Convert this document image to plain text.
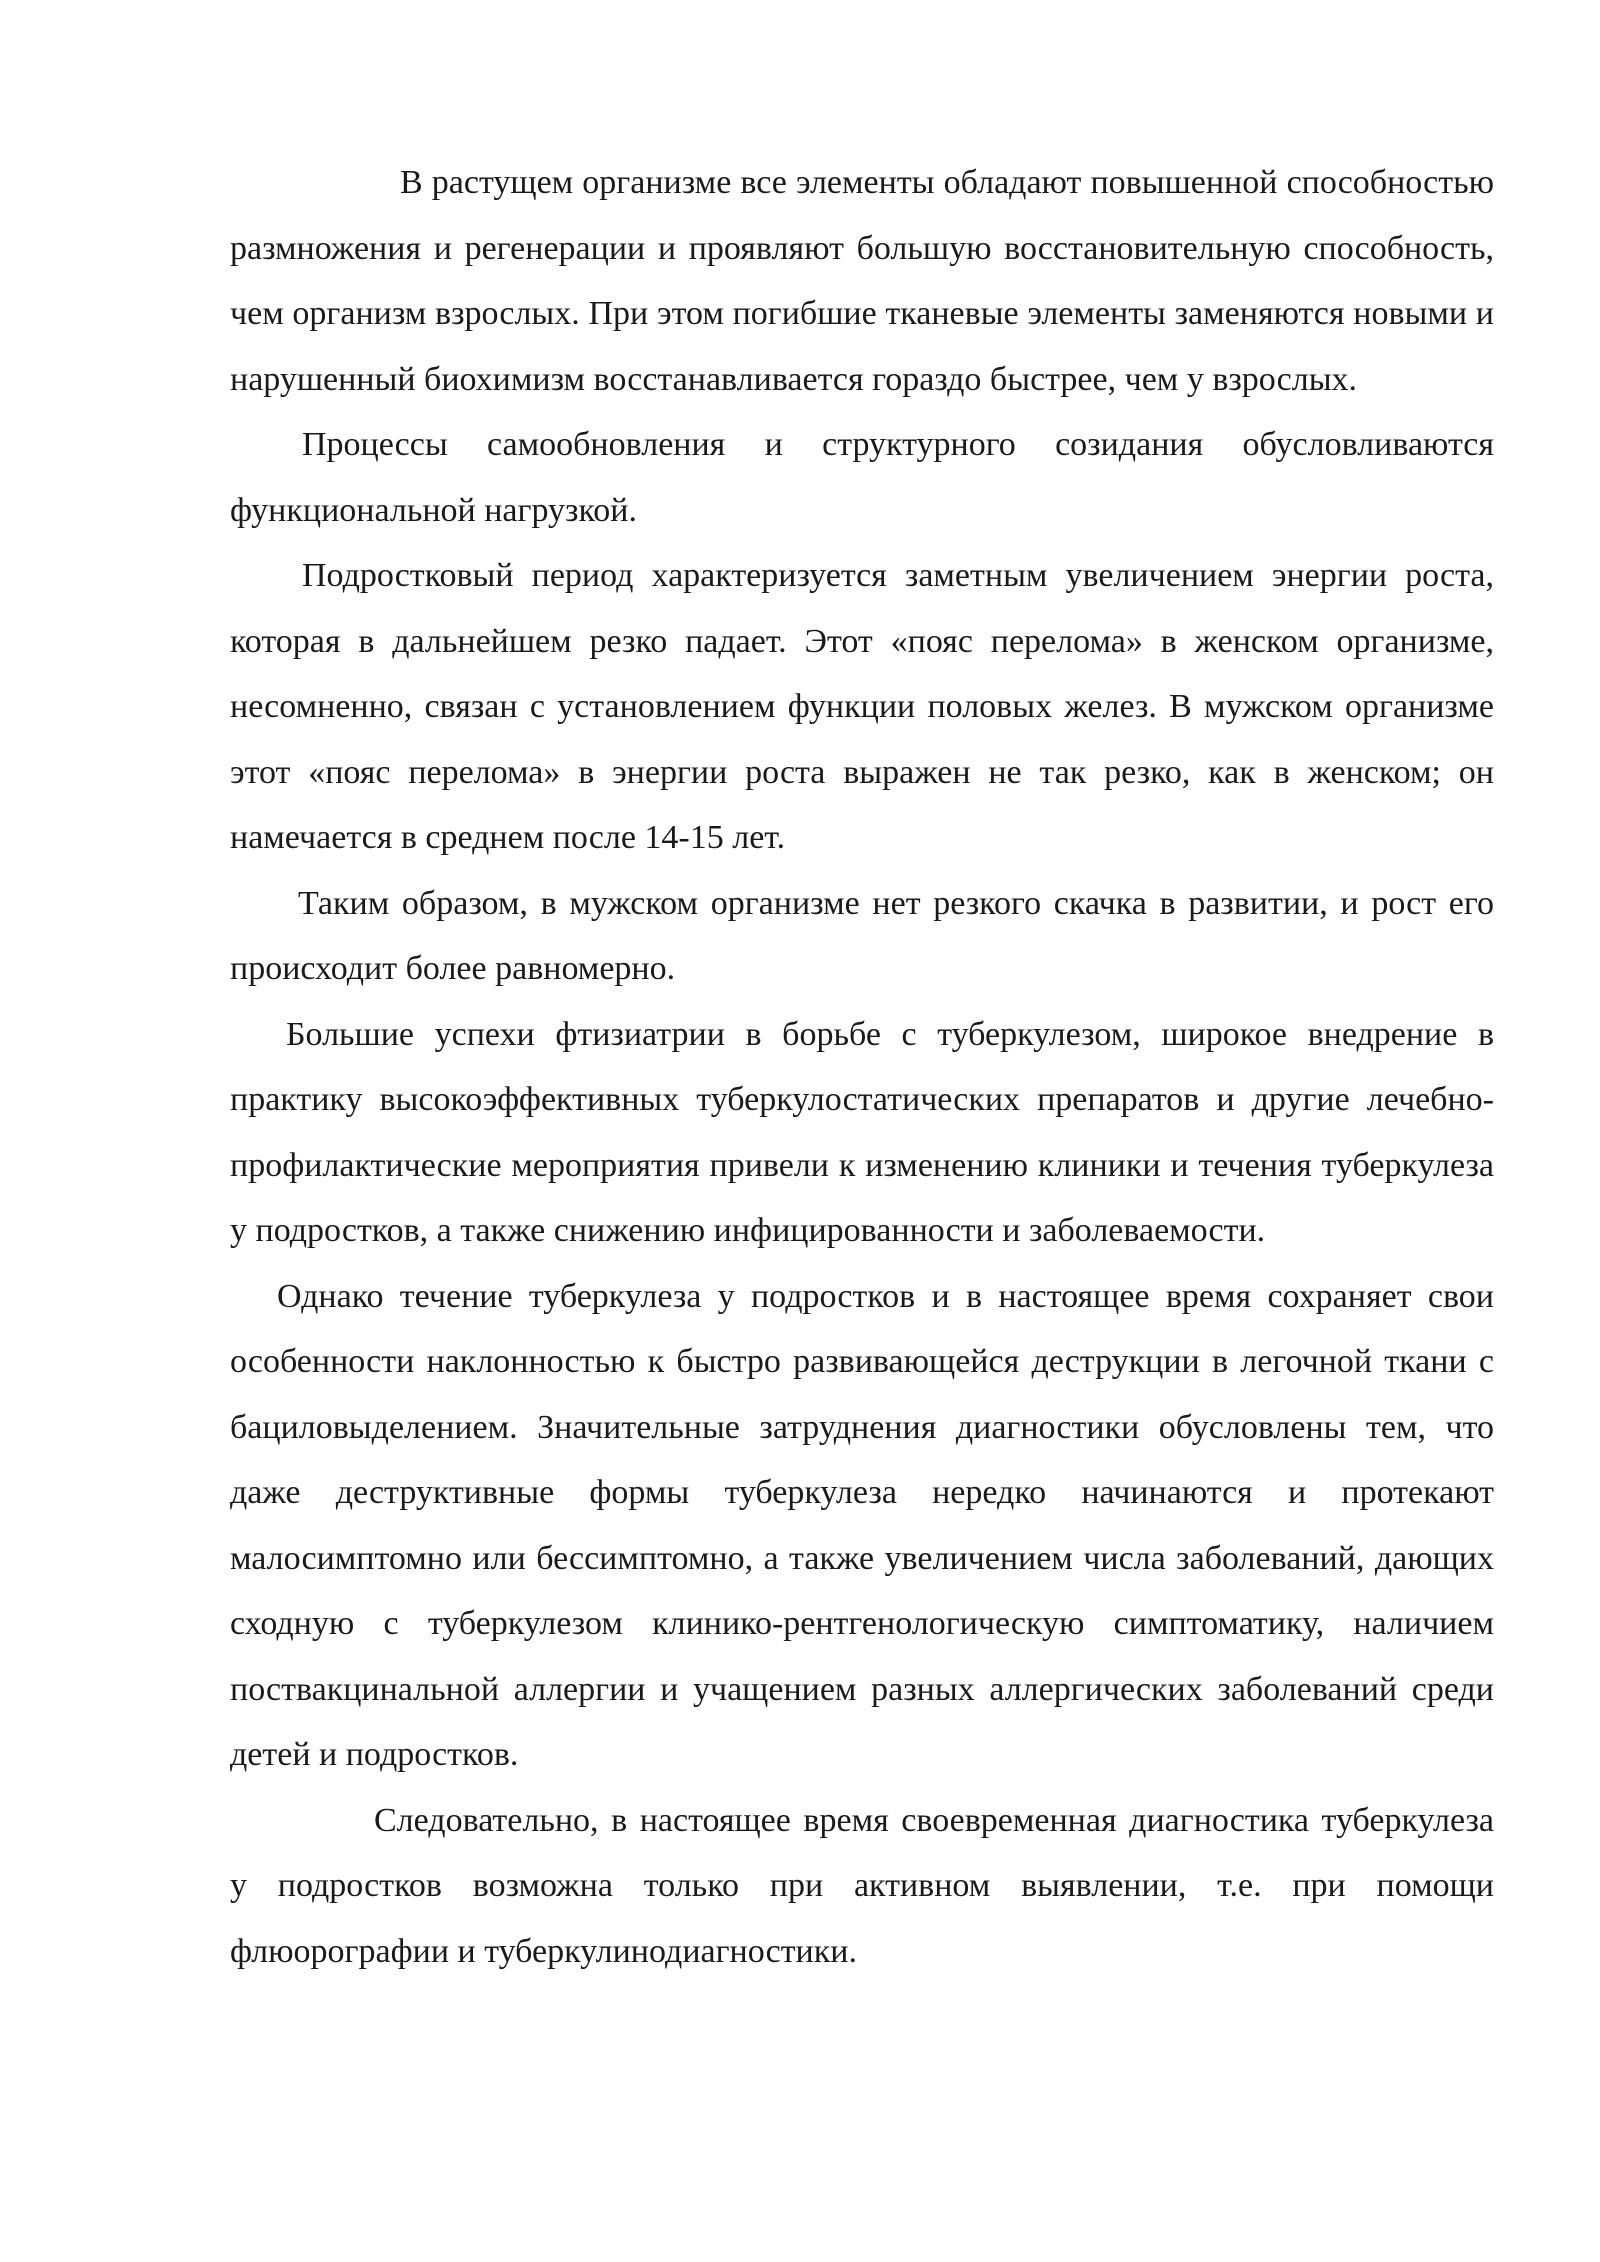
В растущем организме все элементы обладают повышенной способностью размножения и регенерации и проявляют большую восстановительную способность, чем организм взрослых. При этом погибшие тканевые элементы заменяются новыми и нарушенный биохимизм восстанавливается гораздо быстрее, чем у взрослых.

Процессы самообновления и структурного созидания обусловливаются функциональной нагрузкой.

Подростковый период характеризуется заметным увеличением энергии роста, которая в дальнейшем резко падает. Этот «пояс перелома» в женском организме, несомненно, связан с установлением функции половых желез. В мужском организме этот «пояс перелома» в энергии роста выражен не так резко, как в женском; он намечается в среднем после 14-15 лет.

Таким образом, в мужском организме нет резкого скачка в развитии, и рост его происходит более равномерно.

Большие успехи фтизиатрии в борьбе с туберкулезом, широкое внедрение в практику высокоэффективных туберкулостатических препаратов и другие лечебно-профилактические мероприятия привели к изменению клиники и течения туберкулеза у подростков, а также снижению инфицированности и заболеваемости.

Однако течение туберкулеза у подростков и в настоящее время сохраняет свои особенности наклонностью к быстро развивающейся деструкции в легочной ткани с бациловыделением. Значительные затруднения диагностики обусловлены тем, что даже деструктивные формы туберкулеза нередко начинаются и протекают малосимптомно или бессимптомно, а также увеличением числа заболеваний, дающих сходную с туберкулезом клинико-рентгенологическую симптоматику, наличием поствакцинальной аллергии и учащением разных аллергических заболеваний среди детей и подростков.

Следовательно, в настоящее время своевременная диагностика туберкулеза у подростков возможна только при активном выявлении, т.е. при помощи флюорографии и туберкулинодиагностики.
